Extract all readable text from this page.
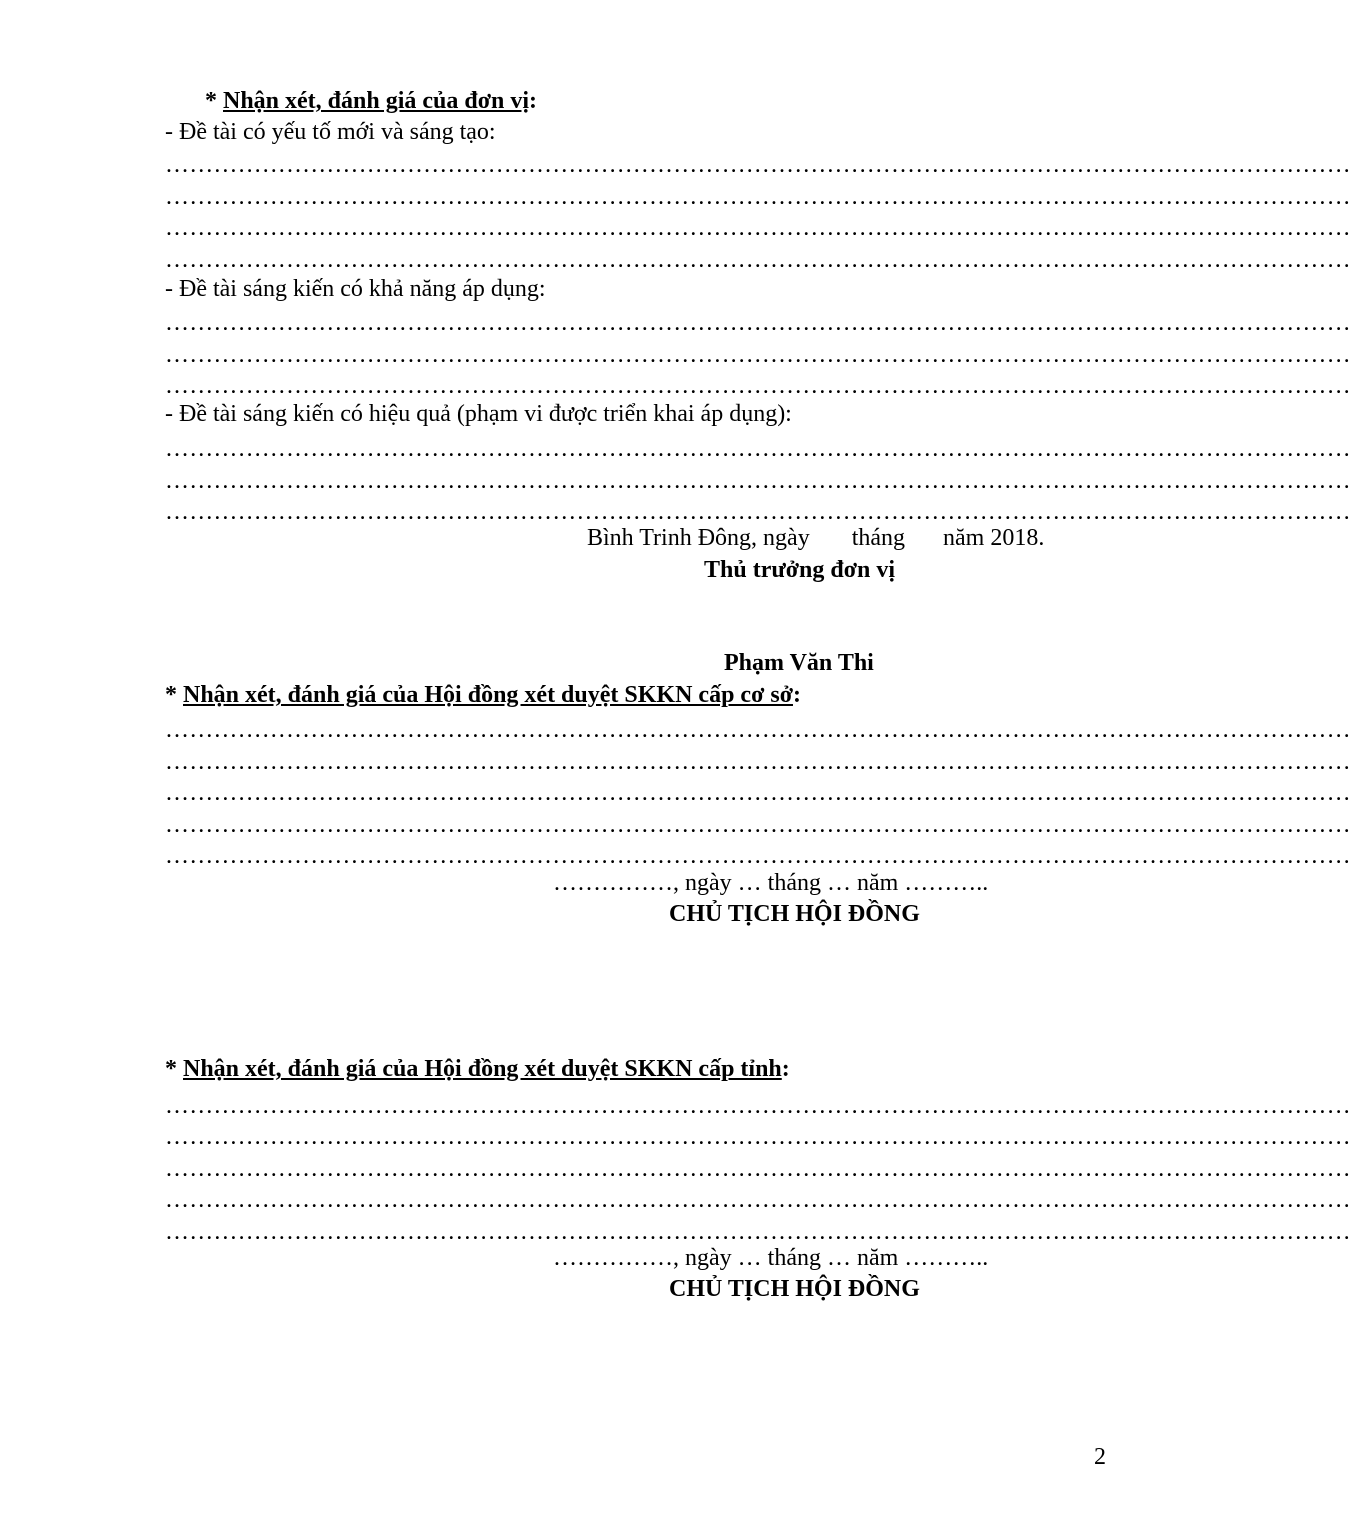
* Nhận xét, đánh giá của đơn vị:
- Đề tài có yếu tố mới và sáng tạo:
…………………………………………………………………………………………………………………………………
…………………………………………………………………………………………………………………………………
…………………………………………………………………………………………………………………………………
…………………………………………………………………………………………………………………………………
- Đề tài sáng kiến có khả năng áp dụng:
…………………………………………………………………………………………………………………………………
…………………………………………………………………………………………………………………………………
…………………………………………………………………………………………………………………………………
- Đề tài sáng kiến có hiệu quả (phạm vi được triển khai áp dụng):
…………………………………………………………………………………………………………………………………
…………………………………………………………………………………………………………………………………
…………………………………………………………………………………………………………………………………
Bình Trinh Đông, ngày tháng năm 2018.
Thủ trưởng đơn vị
Phạm Văn Thi
* Nhận xét, đánh giá của Hội đồng xét duyệt SKKN cấp cơ sở:
…………………………………………………………………………………………………………………………………
…………………………………………………………………………………………………………………………………
…………………………………………………………………………………………………………………………………
…………………………………………………………………………………………………………………………………
…………………………………………………………………………………………………………………………………
……………, ngày … tháng … năm ………..
CHỦ TỊCH HỘI ĐỒNG
* Nhận xét, đánh giá của Hội đồng xét duyệt SKKN cấp tỉnh:
…………………………………………………………………………………………………………………………………
…………………………………………………………………………………………………………………………………
…………………………………………………………………………………………………………………………………
…………………………………………………………………………………………………………………………………
…………………………………………………………………………………………………………………………………
……………, ngày … tháng … năm ………..
CHỦ TỊCH HỘI ĐỒNG
2
